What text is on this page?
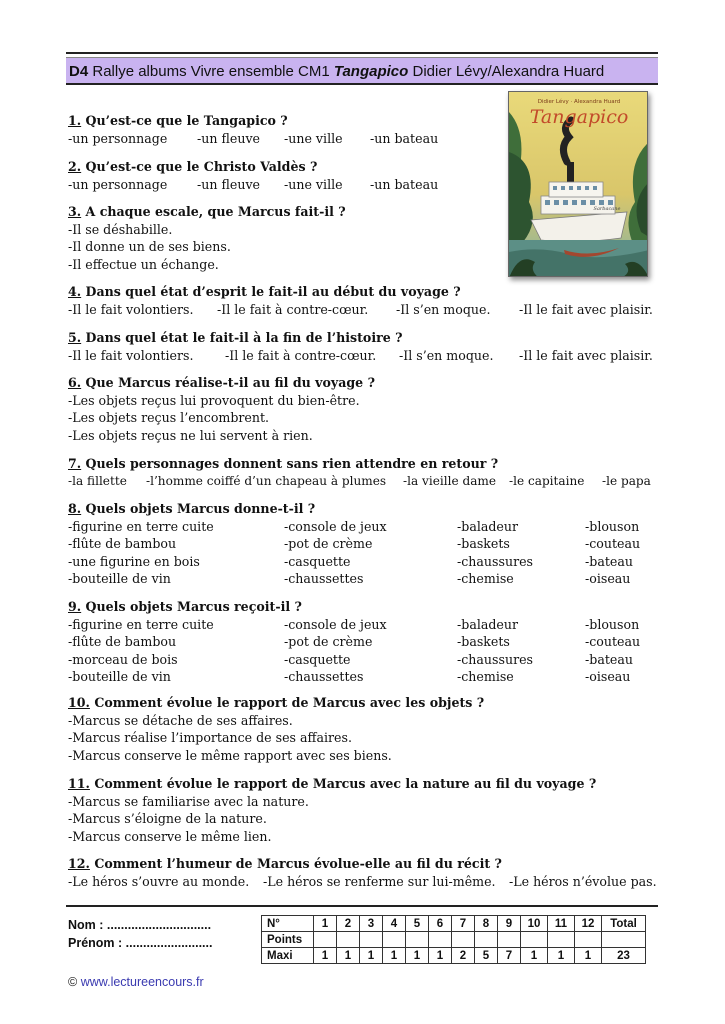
D4 Rallye albums Vivre ensemble CM1 Tangapico Didier Lévy/Alexandra Huard
Didier Lévy · Alexandra Huard
Tangapico
Sarbacane
1. Qu’est-ce que le Tangapico ?
-un personnage	-un fleuve	-une ville	-un bateau
2. Qu’est-ce que le Christo Valdès ?
-un personnage	-un fleuve	-une ville	-un bateau
3. A chaque escale, que Marcus fait-il ?
-Il se déshabille.
-Il donne un de ses biens.
-Il effectue un échange.
4. Dans quel état d’esprit le fait-il au début du voyage ?
-Il le fait volontiers.	-Il le fait à contre-cœur.	-Il s’en moque.	-Il le fait avec plaisir.
5. Dans quel état le fait-il à la fin de l’histoire ?
-Il le fait volontiers.	-Il le fait à contre-cœur.	-Il s’en moque.	-Il le fait avec plaisir.
6. Que Marcus réalise-t-il au fil du voyage ?
-Les objets reçus lui provoquent du bien-être.
-Les objets reçus l’encombrent.
-Les objets reçus ne lui servent à rien.
7. Quels personnages donnent sans rien attendre en retour ?
-la fillette	-l’homme coiffé d’un chapeau à plumes	-la vieille dame	-le capitaine	-le papa
8. Quels objets Marcus donne-t-il ?
-figurine en terre cuite	-console de jeux	-baladeur	-blouson
-flûte de bambou	-pot de crème	-baskets	-couteau
-une figurine en bois	-casquette	-chaussures	-bateau
-bouteille de vin	-chaussettes	-chemise	-oiseau
9. Quels objets Marcus reçoit-il ?
-figurine en terre cuite	-console de jeux	-baladeur	-blouson
-flûte de bambou	-pot de crème	-baskets	-couteau
-morceau de bois	-casquette	-chaussures	-bateau
-bouteille de vin	-chaussettes	-chemise	-oiseau
10. Comment évolue le rapport de Marcus avec les objets ?
-Marcus se détache de ses affaires.
-Marcus réalise l’importance de ses affaires.
-Marcus conserve le même rapport avec ses biens.
11. Comment évolue le rapport de Marcus avec la nature au fil du voyage ?
-Marcus se familiarise avec la nature.
-Marcus s’éloigne de la nature.
-Marcus conserve le même lien.
12. Comment l’humeur de Marcus évolue-elle au fil du récit ?
-Le héros s’ouvre au monde.	-Le héros se renferme sur lui-même.	-Le héros n’évolue pas.
Nom : ..............................
Prénom : .........................
N°	1	2	3	4	5	6	7	8	9	10	11	12	Total
Points													
Maxi	1	1	1	1	1	1	2	5	7	1	1	1	23
© www.lectureencours.fr
